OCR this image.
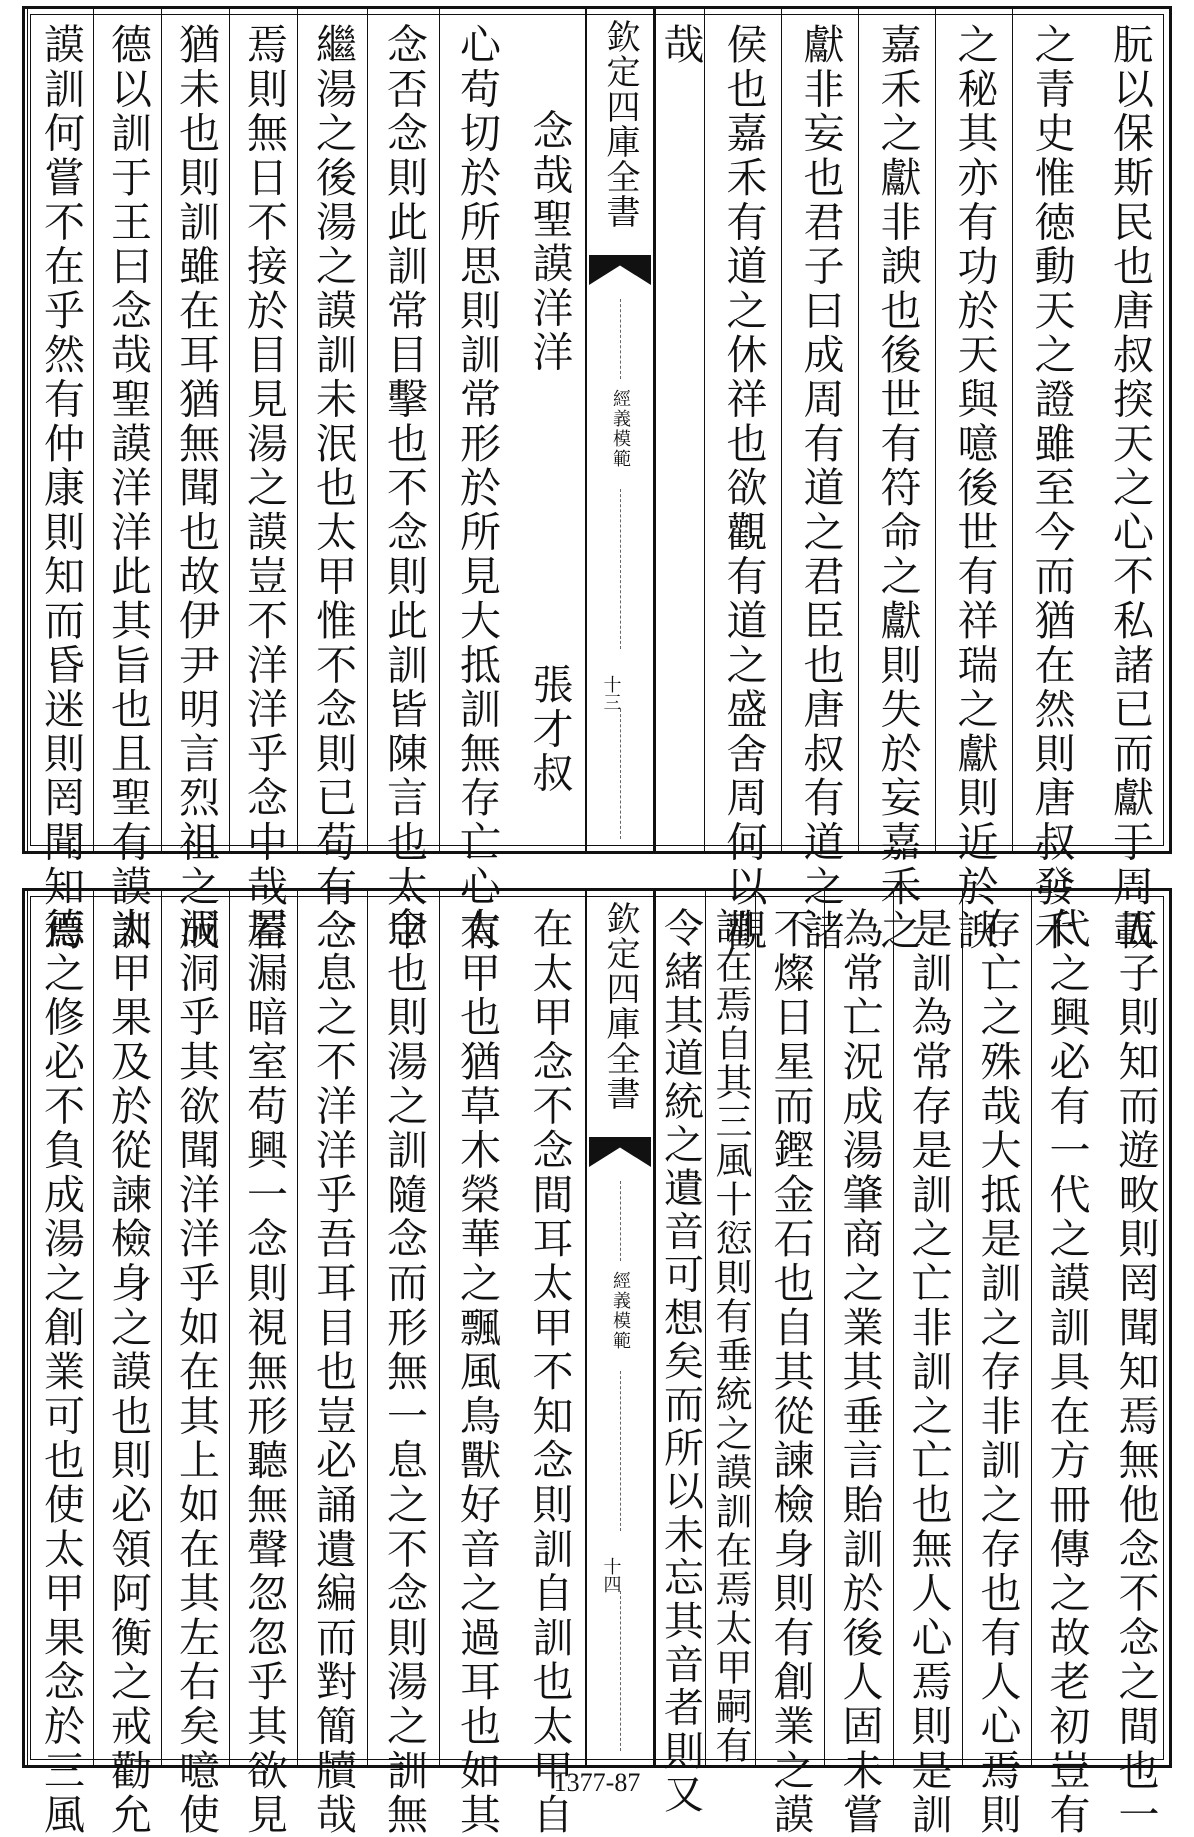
朊以保斯民也唐叔揬天之心不私諸已而獻于周載
之青史惟徳動天之證雖至今而猶在然則唐叔發禾
之秘其亦有功於天與噫後世有祥瑞之獻則近於諛
嘉禾之獻非諛也後世有符命之獻則失於妄嘉禾之
獻非妄也君子曰成周有道之君臣也唐叔有道之諸
侯也嘉禾有道之休祥也欲觀有道之盛舍周何以觀
哉
欽定四庫全書
經義模範
十三
念哉聖謨洋洋
張才叔
心苟切於所思則訓常形於所見大抵訓無存亡心有
念否念則此訓常目擊也不念則此訓皆陳言也太甲
繼湯之後湯之謨訓未泯也太甲惟不念則已苟有念
焉則無日不接於目見湯之謨豈不洋洋乎念中哉若
猶未也則訓雖在耳猶無聞也故伊尹明言烈祖之成
德以訓于王曰念哉聖謨洋洋此其旨也且聖有謨訓
謨訓何嘗不在乎然有仲康則知而昏迷則罔聞知焉
五子則知而遊畋則罔聞知焉無他念不念之間也一
代之興必有一代之謨訓具在方冊傳之故老初豈有
存亡之殊哉大抵是訓之存非訓之存也有人心焉則
是訓為常存是訓之亡非訓之亡也無人心焉則是訓
為常亡況成湯肇商之業其垂言貽訓於後人固未嘗
不燦日星而鏗金石也自其從諫檢身則有創業之謨
訓在焉自其三風十愆則有垂統之謨訓在焉太甲嗣有
令緒其道統之遺音可想矣而所以未忘其音者則又
欽定四庫全書
經義模範
十四
在太甲念不念間耳太甲不知念則訓自訓也太甲自
太甲也猶草木榮華之飄風鳥獸好音之過耳也如其
念也則湯之訓隨念而形無一息之不念則湯之訓無
一息之不洋洋乎吾耳目也豈必誦遺編而對簡牘哉
屋漏暗室苟興一念則視無形聽無聲忽忽乎其欲見
洞洞乎其欲聞洋洋乎如在其上如在其左右矣噫使
太甲果及於從諫檢身之謨也則必領阿衡之戒勸允
德之修必不負成湯之創業可也使太甲果念於三風	1377-87
